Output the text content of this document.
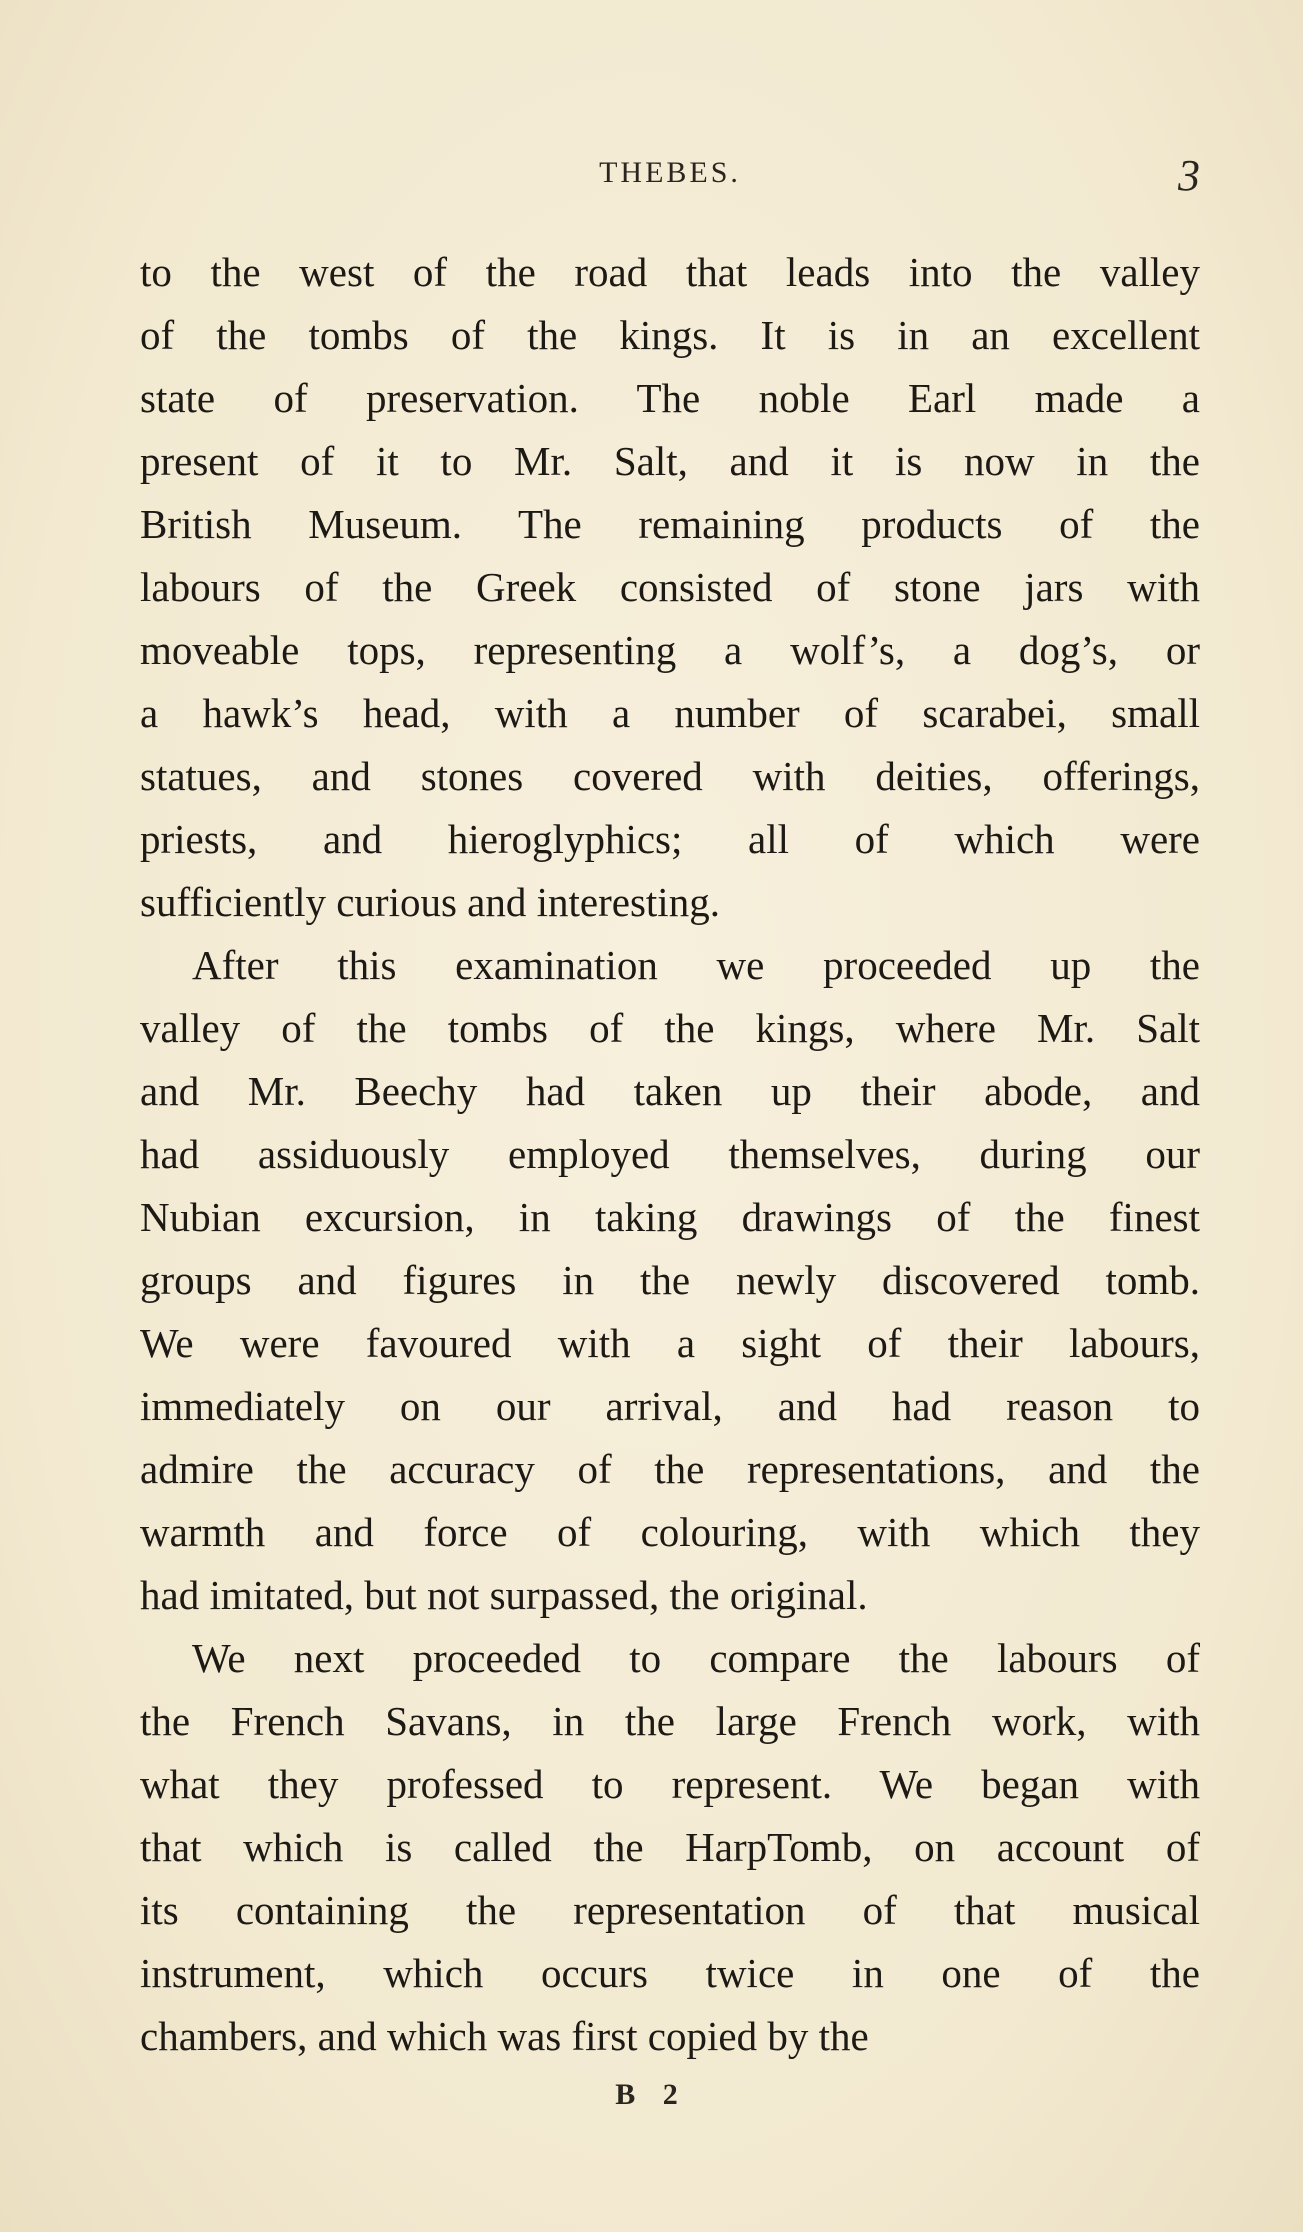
THEBES.	3
to the west of the road that leads into the valley
of the tombs of the kings. It is in an excellent
state of preservation. The noble Earl made a
present of it to Mr. Salt, and it is now in the
British Museum. The remaining products of the
labours of the Greek consisted of stone jars with
moveable tops, representing a wolf’s, a dog’s, or
a hawk’s head, with a number of scarabei, small
statues, and stones covered with deities, offerings,
priests, and hieroglyphics; all of which were
sufficiently curious and interesting.
After this examination we proceeded up the
valley of the tombs of the kings, where Mr. Salt
and Mr. Beechy had taken up their abode, and
had assiduously employed themselves, during our
Nubian excursion, in taking drawings of the finest
groups and figures in the newly discovered tomb.
We were favoured with a sight of their labours,
immediately on our arrival, and had reason to
admire the accuracy of the representations, and the
warmth and force of colouring, with which they
had imitated, but not surpassed, the original.
We next proceeded to compare the labours of
the French Savans, in the large French work, with
what they professed to represent. We began with
that which is called the HarpTomb, on account of
its containing the representation of that musical
instrument, which occurs twice in one of the
chambers, and which was first copied by the
B 2
